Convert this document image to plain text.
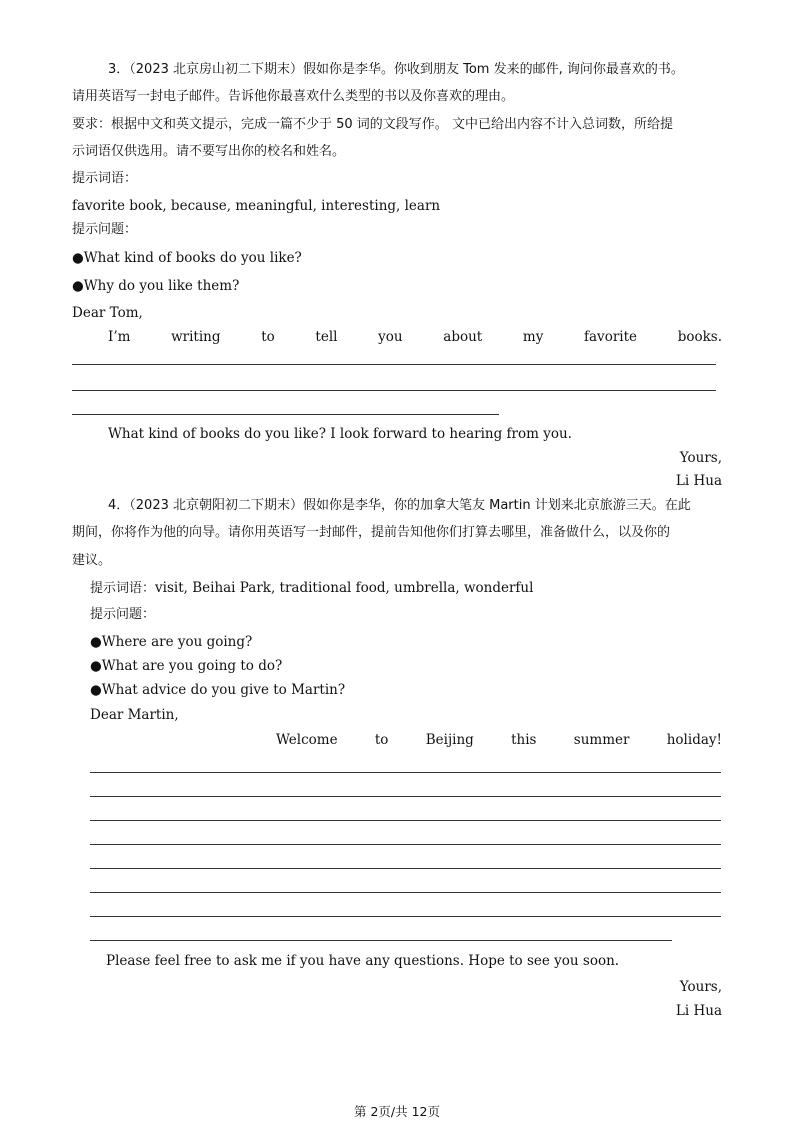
3．（2023 北京房山初二下期末）假如你是李华。你收到朋友 Tom 发来的邮件, 询问你最喜欢的书。
请用英语写一封电子邮件。告诉他你最喜欢什么类型的书以及你喜欢的理由。
要求：根据中文和英文提示，完成一篇不少于 50 词的文段写作。 文中已给出内容不计入总词数，所给提
示词语仅供选用。请不要写出你的校名和姓名。
提示词语：
favorite book, because, meaningful, interesting, learn
提示问题：
●What kind of books do you like?
●Why do you like them?
Dear Tom,
I’m	writing	to	tell	you	about	my	favorite	books.
What kind of books do you like? I look forward to hearing from you.
Yours,
Li Hua
4．（2023 北京朝阳初二下期末）假如你是李华，你的加拿大笔友 Martin 计划来北京旅游三天。在此
期间，你将作为他的向导。请你用英语写一封邮件，提前告知他你们打算去哪里，准备做什么，以及你的
建议。
提示词语：visit, Beihai Park, traditional food, umbrella, wonderful
提示问题：
●Where are you going?
●What are you going to do?
●What advice do you give to Martin?
Dear Martin,
Welcome	to	Beijing	this	summer	holiday!
Please feel free to ask me if you have any questions. Hope to see you soon.
Yours,
Li Hua
第 2页/共 12页
